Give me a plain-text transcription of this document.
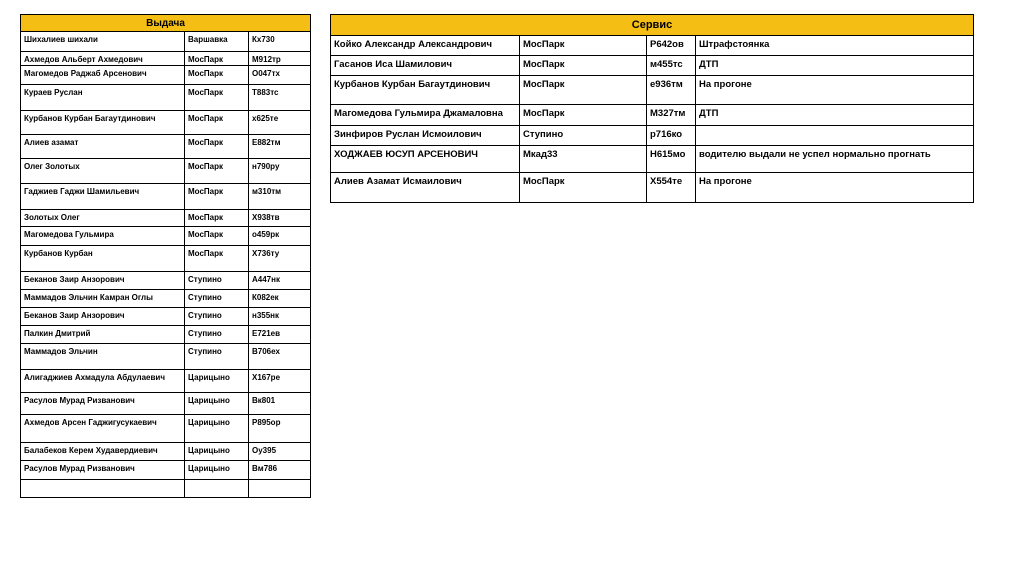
Выдача		
Шихалиев шихали	Варшавка	Кх730
Ахмедов Альберт Ахмедович	МосПарк	М912тр
Магомедов Раджаб Арсенович	МосПарк	О047тх
Кураев Руслан	МосПарк	Т883тс
Курбанов Курбан Багаутдинович	МосПарк	х625те
Алиев азамат	МосПарк	Е882тм
Олег Золотых	МосПарк	н790ру
Гаджиев Гаджи Шамильевич	МосПарк	м310тм
Золотых Олег	МосПарк	Х938тв
Магомедова Гульмира	МосПарк	о459рк
Курбанов Курбан	МосПарк	Х736ту
Беканов Заир Анзорович	Ступино	А447нк
Маммадов Эльчин Камран Оглы	Ступино	К082ек
Беканов Заир Анзорович	Ступино	н355нк
Палкин Дмитрий	Ступино	Е721ев
Маммадов Эльчин	Ступино	В706ех
Алигаджиев Ахмадула Абдулаевич	Царицыно	Х167ре
Расулов Мурад Ризванович	Царицыно	Вк801
Ахмедов Арсен Гаджигусукаевич	Царицыно	Р895ор
Балабеков Керем Худавердиевич	Царицыно	Оу395
Расулов Мурад Ризванович	Царицыно	Вм786

Сервис			
Койко Александр Александрович	МосПарк	Р642ов	Штрафстоянка
Гасанов Иса Шамилович	МосПарк	м455тс	ДТП
Курбанов Курбан Багаутдинович	МосПарк	е936тм	На прогоне
Магомедова Гульмира Джамаловна	МосПарк	М327тм	ДТП
Зинфиров Руслан Исмоилович	Ступино	р716ко	
ХОДЖАЕВ ЮСУП АРСЕНОВИЧ	Мкад33	Н615мо	водителю выдали не успел нормально прогнать
Алиев Азамат Исмаилович	МосПарк	Х554те	На прогоне
